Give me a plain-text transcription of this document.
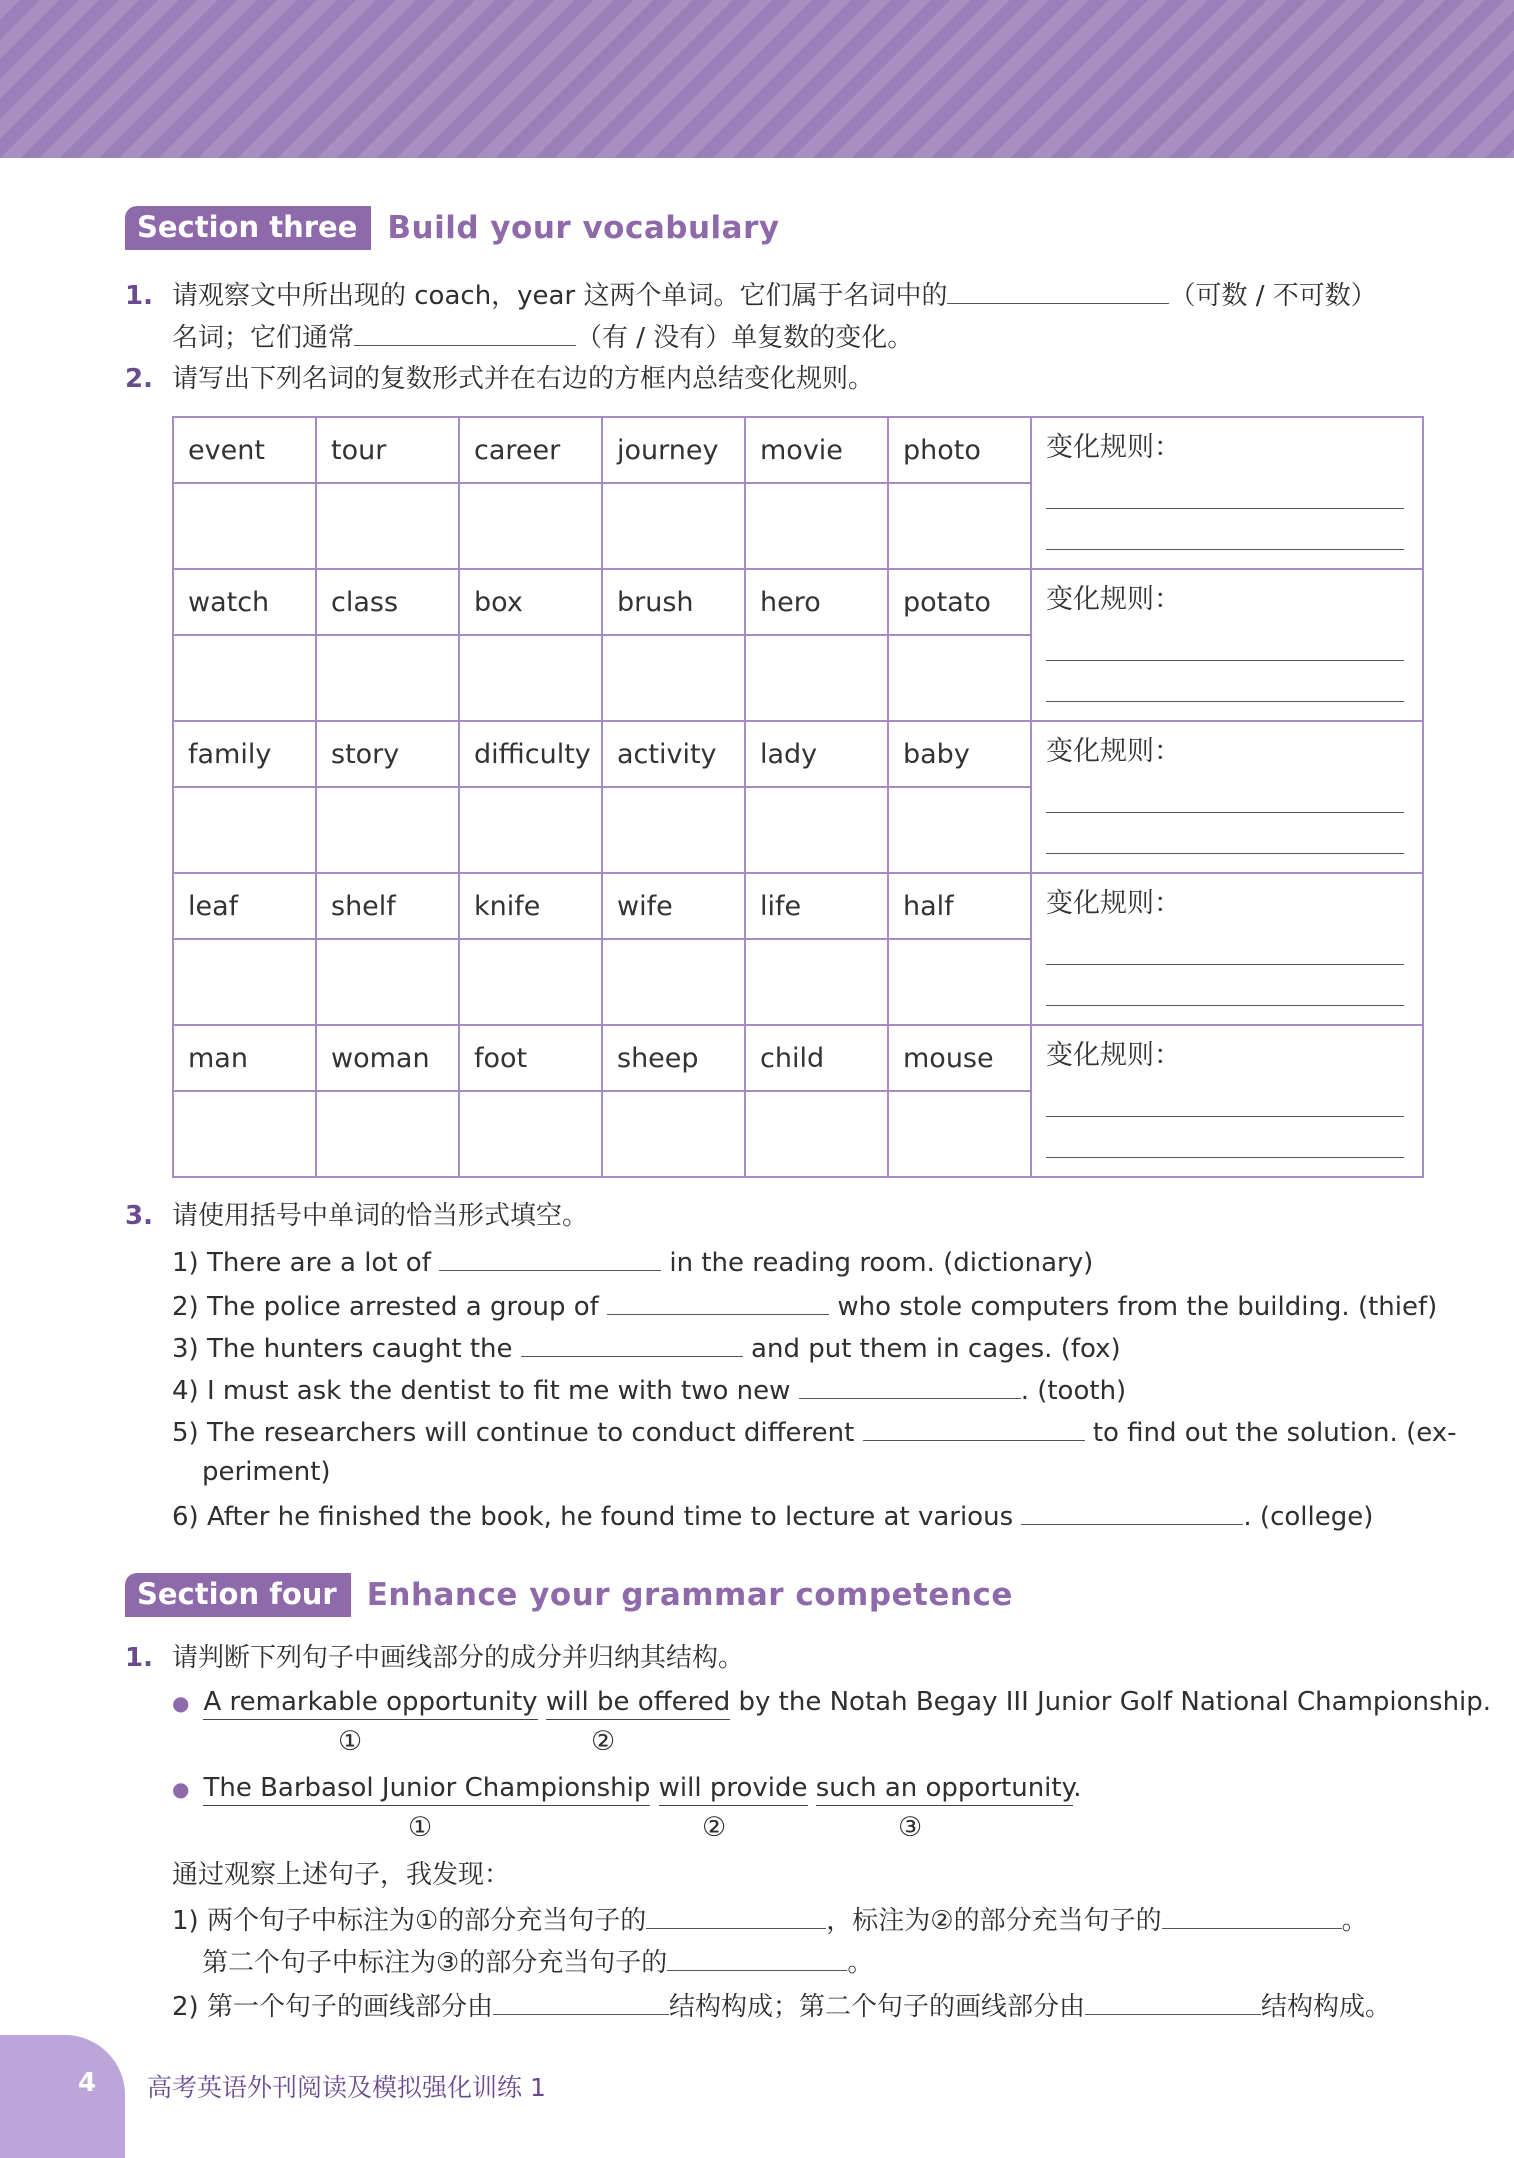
Section three Build your vocabulary
1. 请观察文中所出现的 coach，year 这两个单词。它们属于名词中的	（可数 / 不可数）
名词；它们通常	（有 / 没有）单复数的变化。
2. 请写出下列名词的复数形式并在右边的方框内总结变化规则。
event	tour	career	journey	movie	photo	变化规则：

watch	class	box	brush	hero	potato	变化规则：

family	story	difficulty	activity	lady	baby	变化规则：

leaf	shelf	knife	wife	life	half	变化规则：

man	woman	foot	sheep	child	mouse	变化规则：

3. 请使用括号中单词的恰当形式填空。
1) There are a lot of	in the reading room. (dictionary)
2) The police arrested a group of	who stole computers from the building. (thief)
3) The hunters caught the	and put them in cages. (fox)
4) I must ask the dentist to fit me with two new	. (tooth)
5) The researchers will continue to conduct different	to find out the solution. (ex-
periment)
6) After he finished the book, he found time to lecture at various	. (college)
Section four Enhance your grammar competence
1. 请判断下列句子中画线部分的成分并归纳其结构。
● A remarkable opportunity will be offered by the Notah Begay III Junior Golf National Championship.
①	②
● The Barbasol Junior Championship will provide such an opportunity.
①	②	③
通过观察上述句子，我发现：
1) 两个句子中标注为①的部分充当句子的	，标注为②的部分充当句子的	。
第二个句子中标注为③的部分充当句子的	。
2) 第一个句子的画线部分由	结构构成；第二个句子的画线部分由	结构构成。
4 高考英语外刊阅读及模拟强化训练 1
